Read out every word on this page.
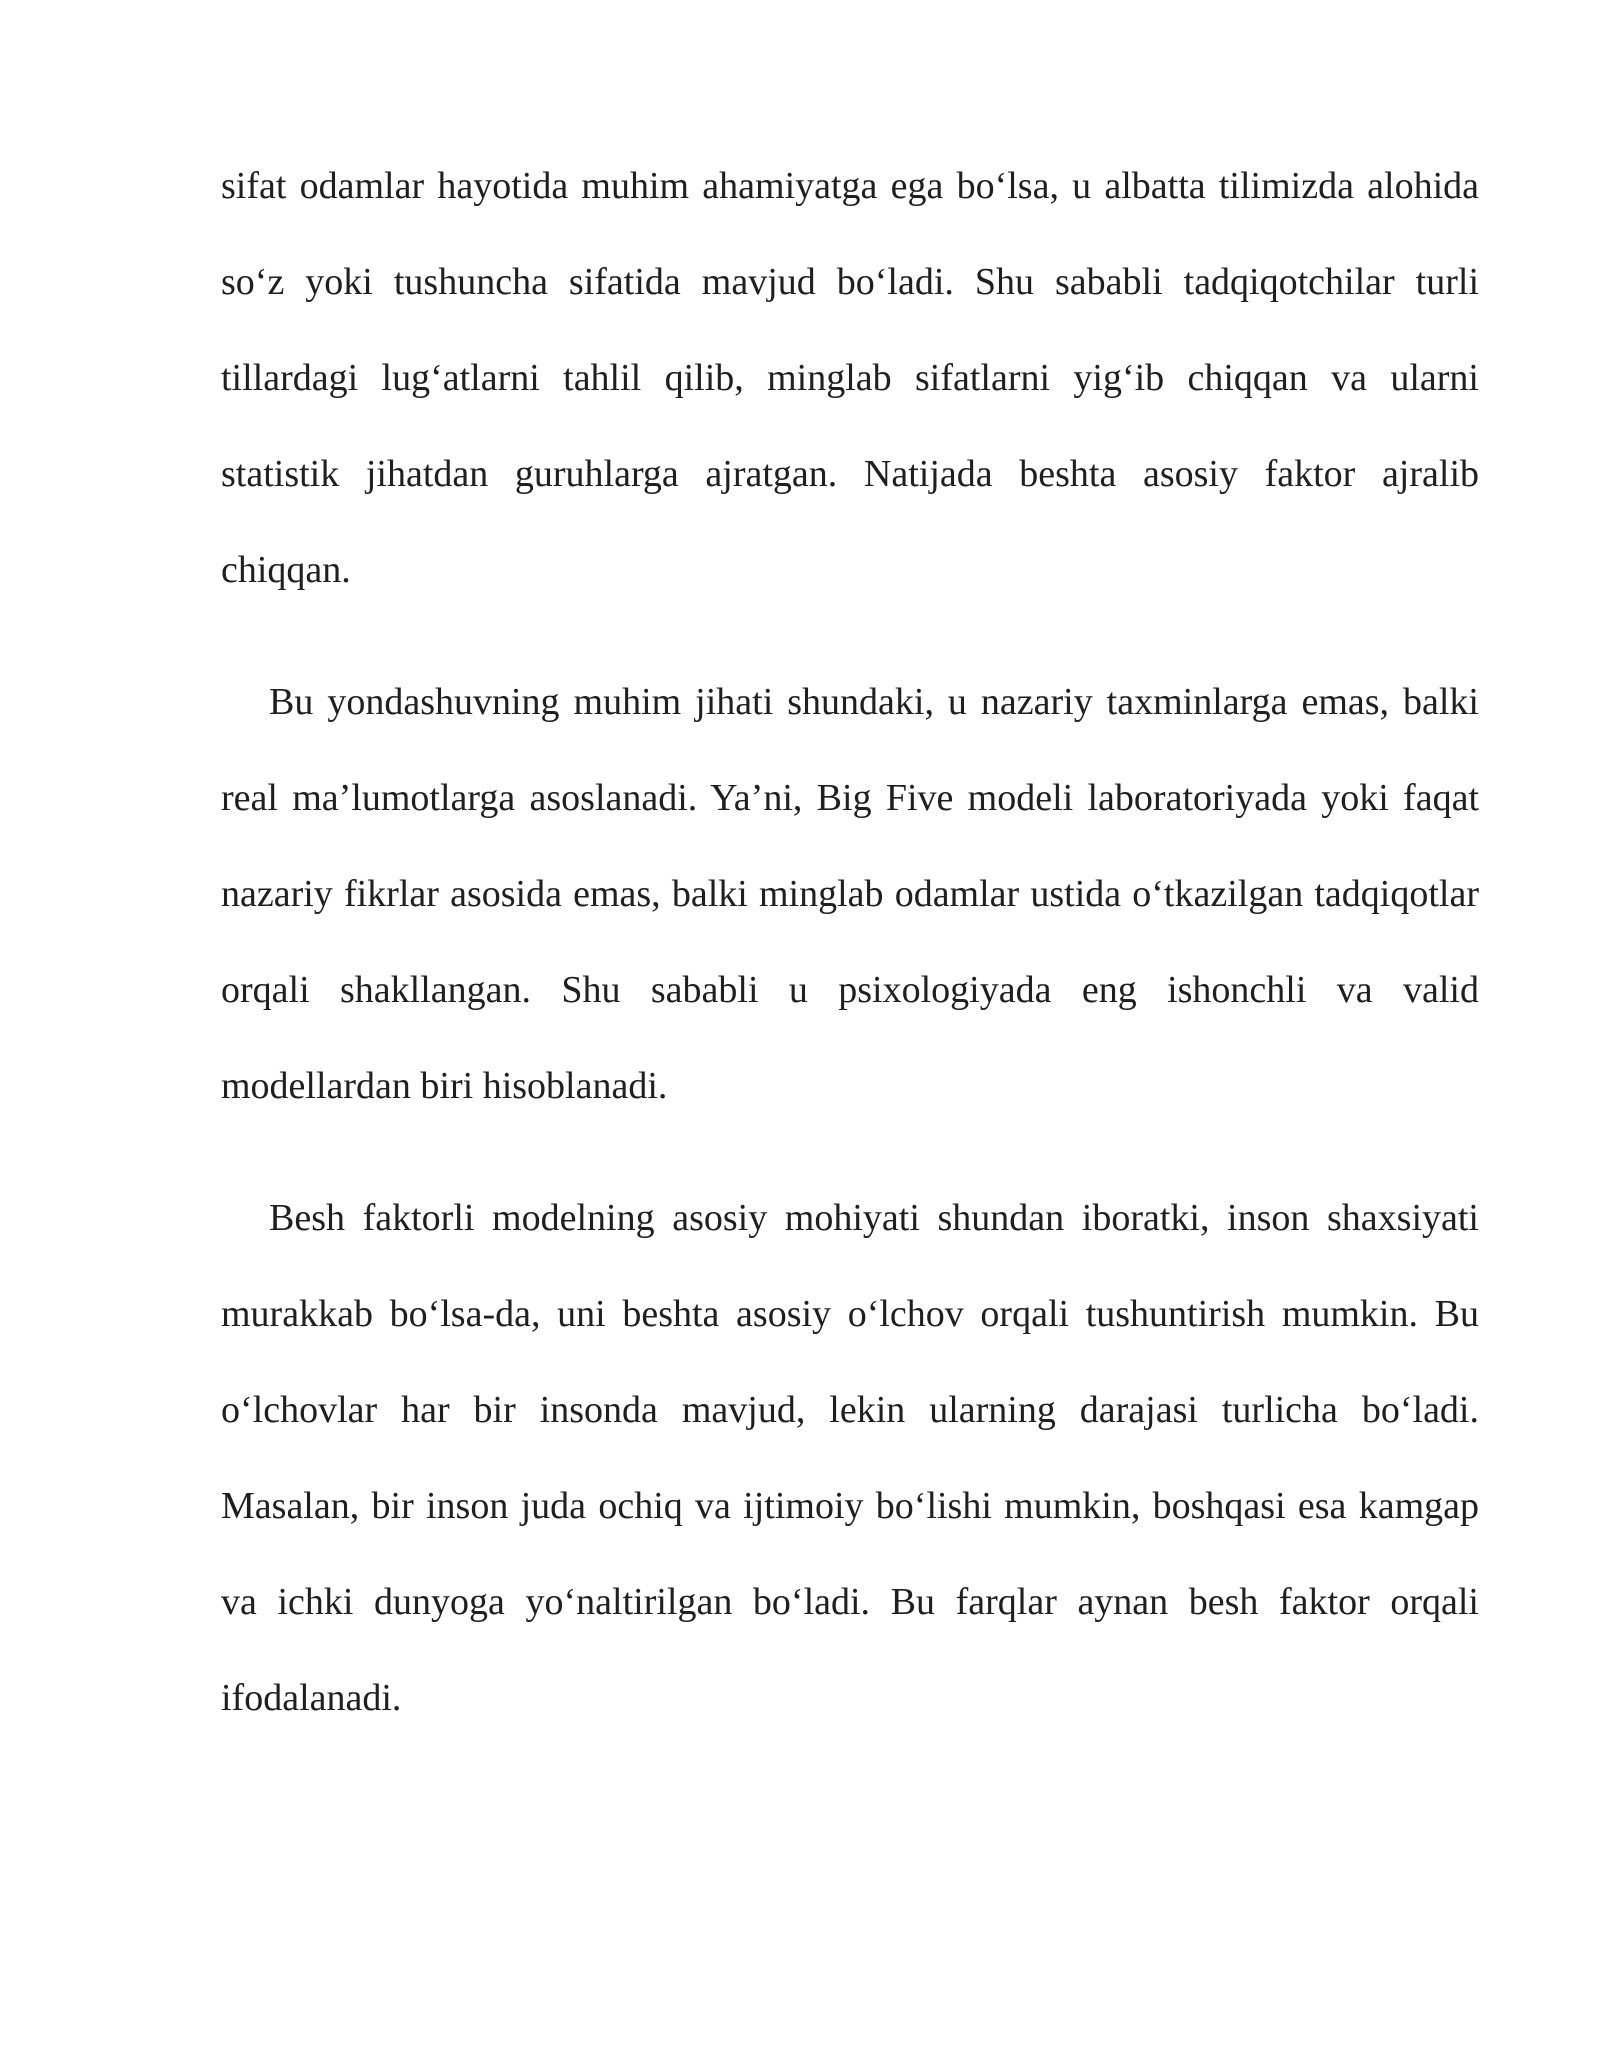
sifat odamlar hayotida muhim ahamiyatga ega bo‘lsa, u albatta tilimizda alohida so‘z yoki tushuncha sifatida mavjud bo‘ladi. Shu sababli tadqiqotchilar turli tillardagi lug‘atlarni tahlil qilib, minglab sifatlarni yig‘ib chiqqan va ularni statistik jihatdan guruhlarga ajratgan. Natijada beshta asosiy faktor ajralib chiqqan.

Bu yondashuvning muhim jihati shundaki, u nazariy taxminlarga emas, balki real ma’lumotlarga asoslanadi. Ya’ni, Big Five modeli laboratoriyada yoki faqat nazariy fikrlar asosida emas, balki minglab odamlar ustida o‘tkazilgan tadqiqotlar orqali shakllangan. Shu sababli u psixologiyada eng ishonchli va valid modellardan biri hisoblanadi.

Besh faktorli modelning asosiy mohiyati shundan iboratki, inson shaxsiyati murakkab bo‘lsa-da, uni beshta asosiy o‘lchov orqali tushuntirish mumkin. Bu o‘lchovlar har bir insonda mavjud, lekin ularning darajasi turlicha bo‘ladi. Masalan, bir inson juda ochiq va ijtimoiy bo‘lishi mumkin, boshqasi esa kamgap va ichki dunyoga yo‘naltirilgan bo‘ladi. Bu farqlar aynan besh faktor orqali ifodalanadi.
